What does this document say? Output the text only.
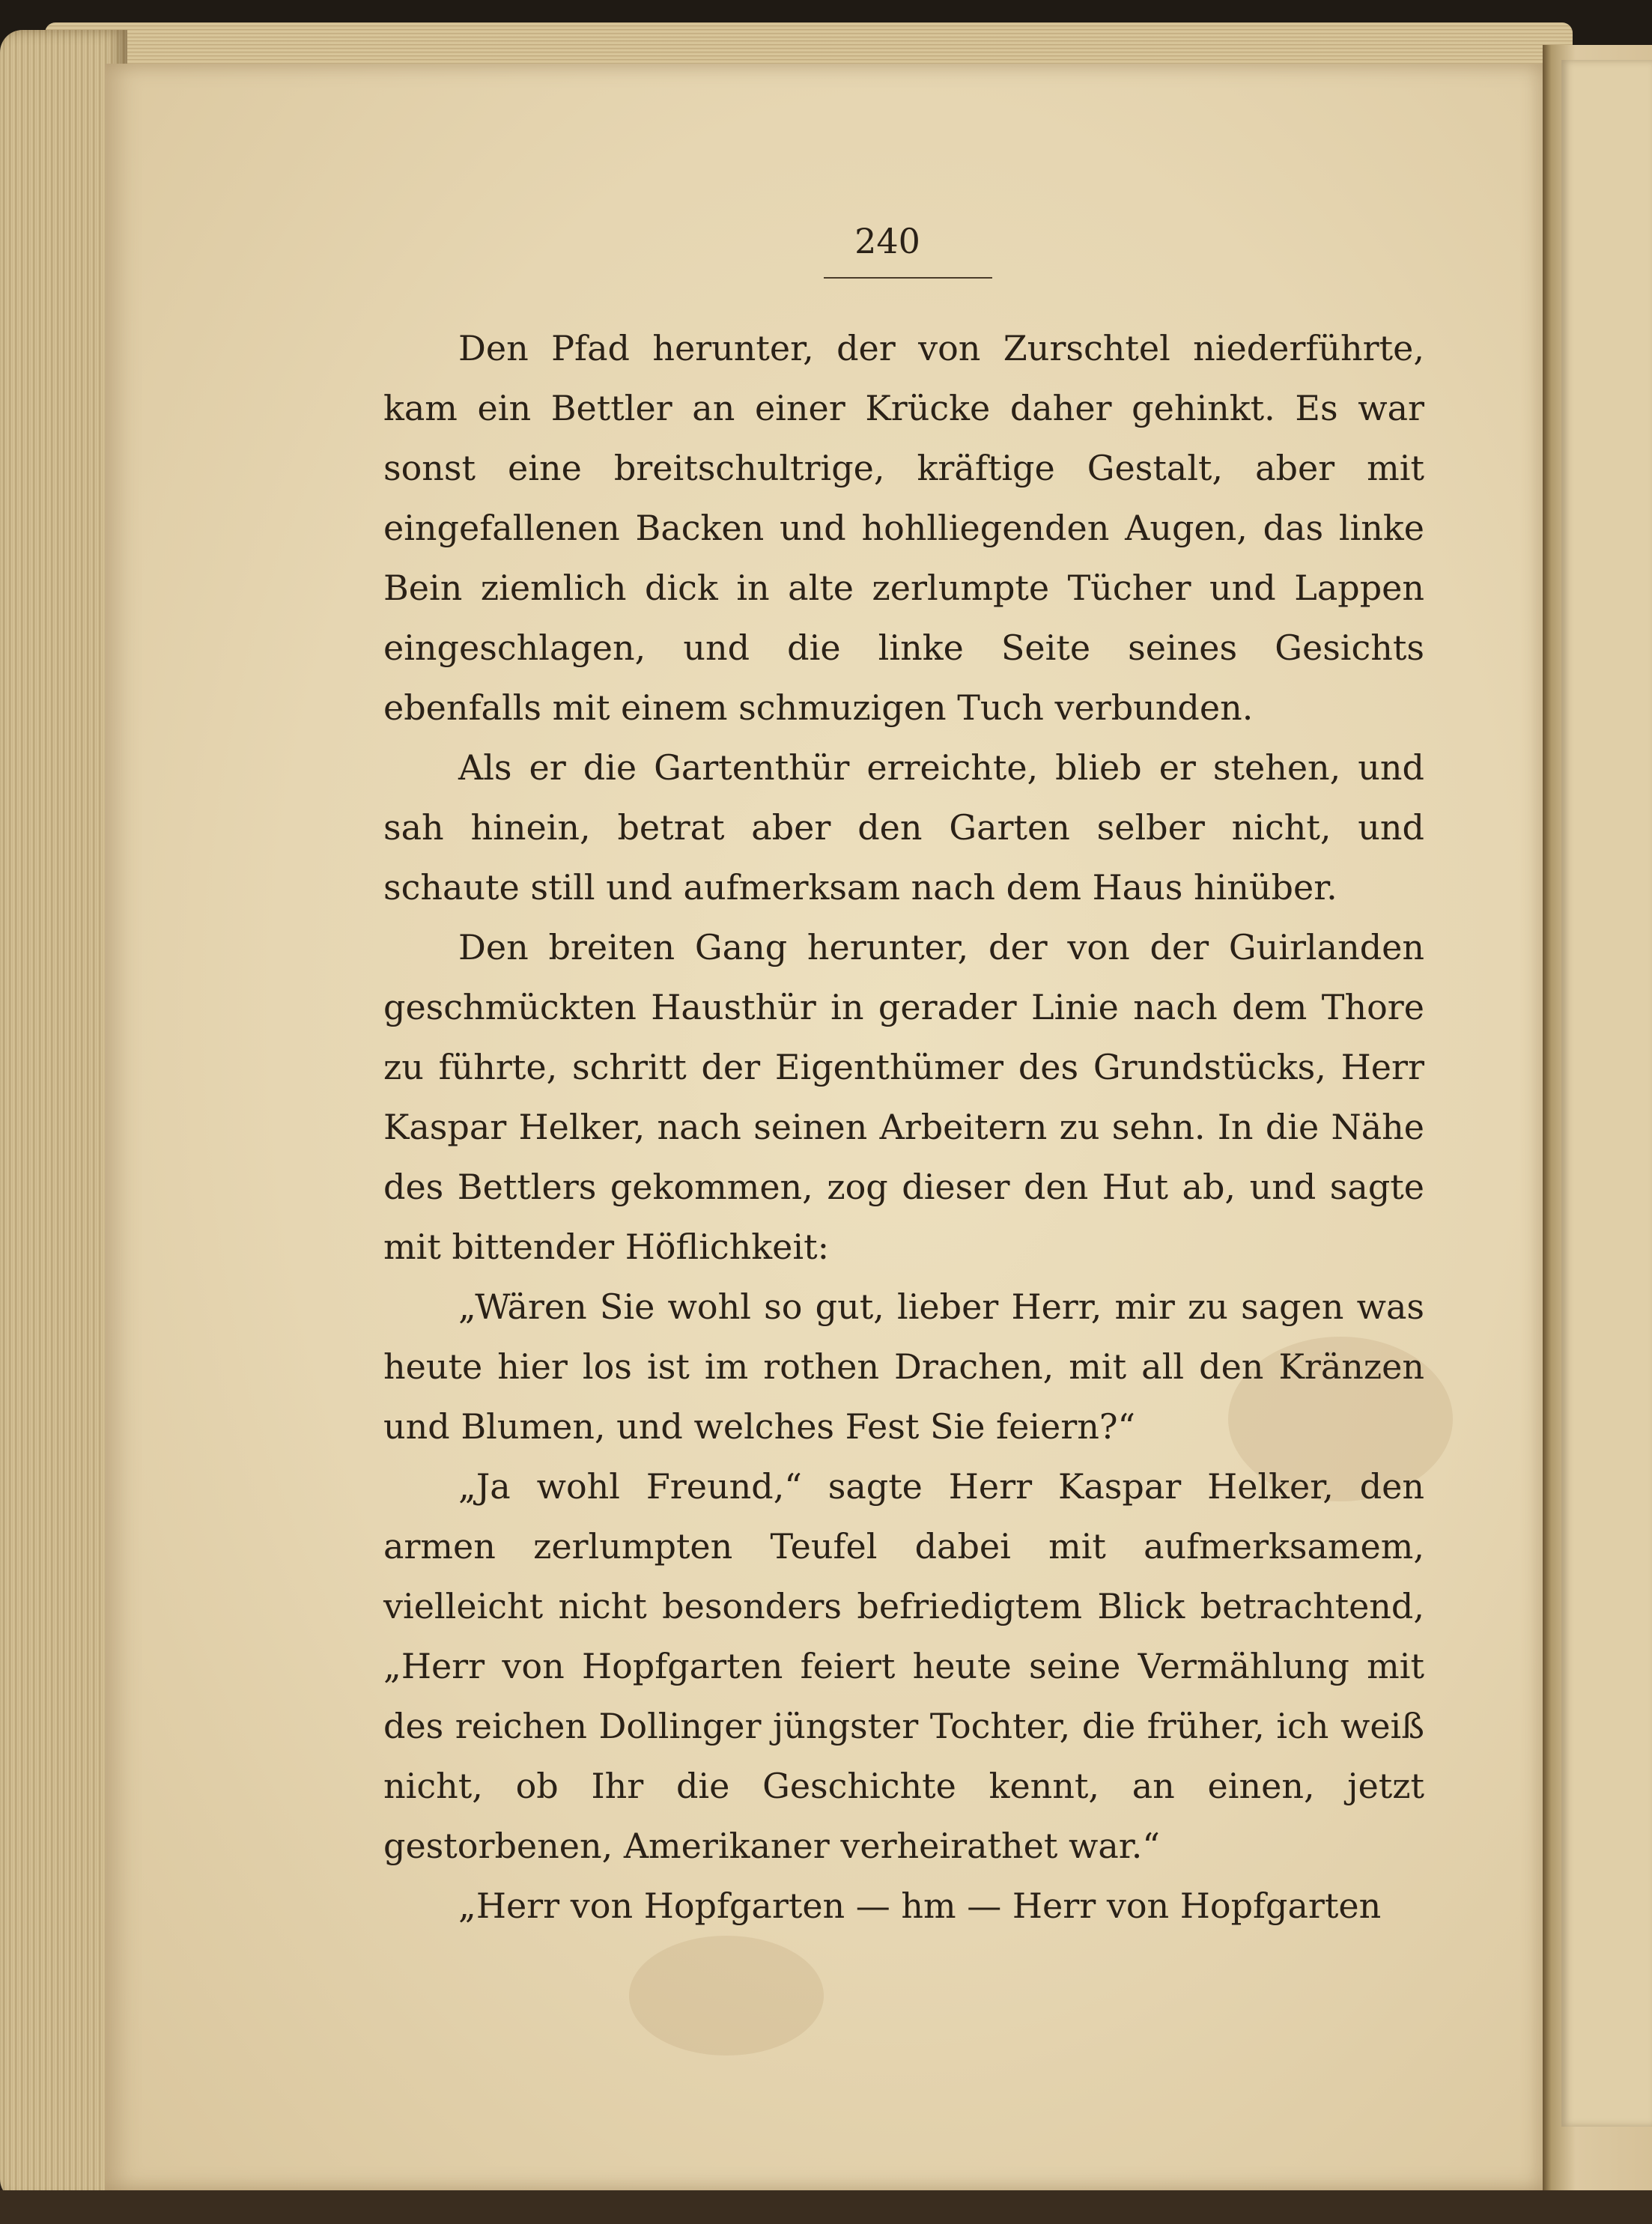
240

Den Pfad herunter, der von Zurschtel niederführte, kam ein Bettler an einer Krücke daher gehinkt. Es war sonst eine breitschultrige, kräftige Gestalt, aber mit eingefallenen Backen und hohlliegenden Augen, das linke Bein ziemlich dick in alte zerlumpte Tücher und Lappen eingeschlagen, und die linke Seite seines Gesichts ebenfalls mit einem schmuzigen Tuch verbunden.

Als er die Gartenthür erreichte, blieb er stehen, und sah hinein, betrat aber den Garten selber nicht, und schaute still und aufmerksam nach dem Haus hinüber.

Den breiten Gang herunter, der von der Guirlanden geschmückten Hausthür in gerader Linie nach dem Thore zu führte, schritt der Eigenthümer des Grundstücks, Herr Kaspar Helker, nach seinen Arbeitern zu sehn. In die Nähe des Bettlers gekommen, zog dieser den Hut ab, und sagte mit bittender Höflichkeit:

„Wären Sie wohl so gut, lieber Herr, mir zu sagen was heute hier los ist im rothen Drachen, mit all den Kränzen und Blumen, und welches Fest Sie feiern?“

„Ja wohl Freund,“ sagte Herr Kaspar Helker, den armen zerlumpten Teufel dabei mit aufmerksamem, vielleicht nicht besonders befriedigtem Blick betrachtend, „Herr von Hopfgarten feiert heute seine Vermählung mit des reichen Dollinger jüngster Tochter, die früher, ich weiß nicht, ob Ihr die Geschichte kennt, an einen, jetzt gestorbenen, Amerikaner verheirathet war.“

„Herr von Hopfgarten — hm — Herr von Hopfgarten
